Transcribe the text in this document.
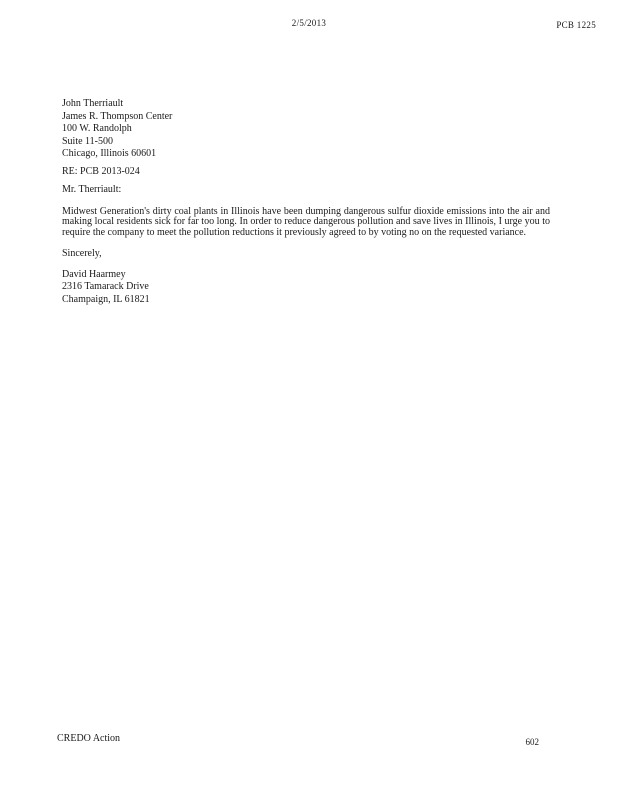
2/5/2013	PCB 1225
John Therriault
James R. Thompson Center
100 W. Randolph
Suite 11-500
Chicago, Illinois 60601
RE: PCB 2013-024
Mr. Therriault:
Midwest Generation's dirty coal plants in Illinois have been dumping dangerous sulfur dioxide emissions into the air and making local residents sick for far too long. In order to reduce dangerous pollution and save lives in Illinois, I urge you to require the company to meet the pollution reductions it previously agreed to by voting no on the requested variance.
Sincerely,
David Haarmey
2316 Tamarack Drive
Champaign, IL 61821
CREDO Action	602
